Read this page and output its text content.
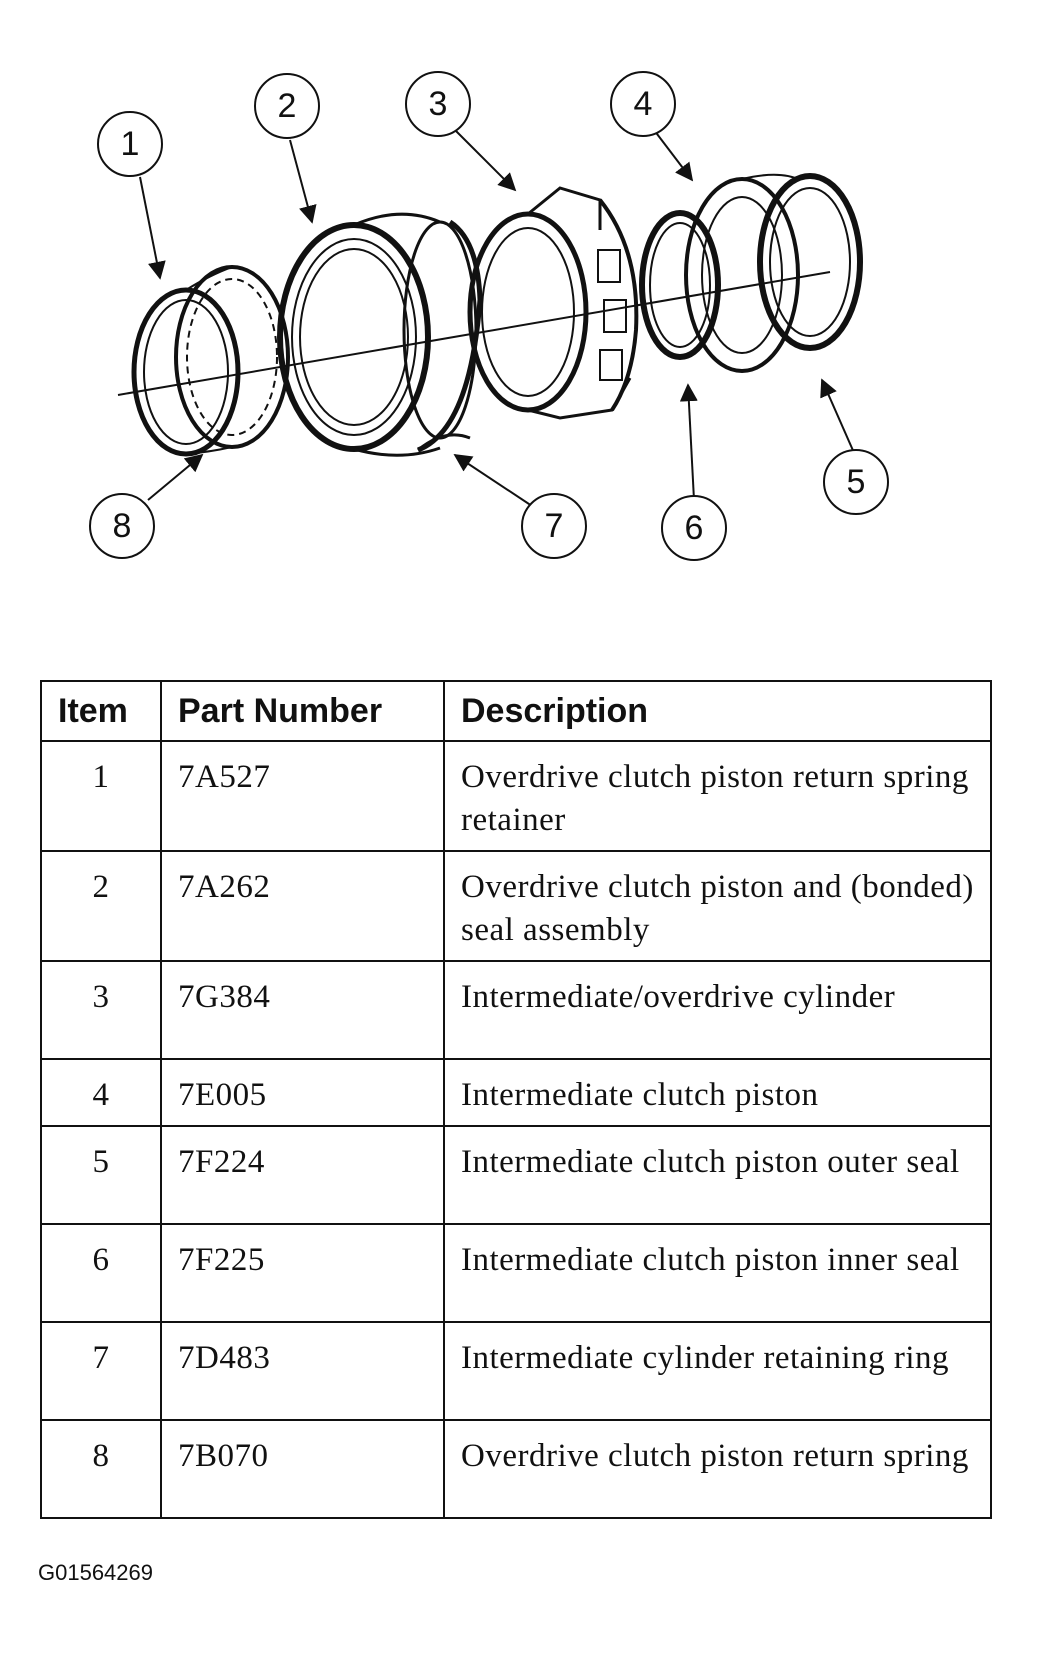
1
2	3	4
5
6
7
8
Item	Part Number	Description
1	7A527	Overdrive clutch piston return spring retainer
2	7A262	Overdrive clutch piston and (bonded) seal assembly
3	7G384	Intermediate/overdrive cylinder
4	7E005	Intermediate clutch piston
5	7F224	Intermediate clutch piston outer seal
6	7F225	Intermediate clutch piston inner seal
7	7D483	Intermediate cylinder retaining ring
8	7B070	Overdrive clutch piston return spring
G01564269
